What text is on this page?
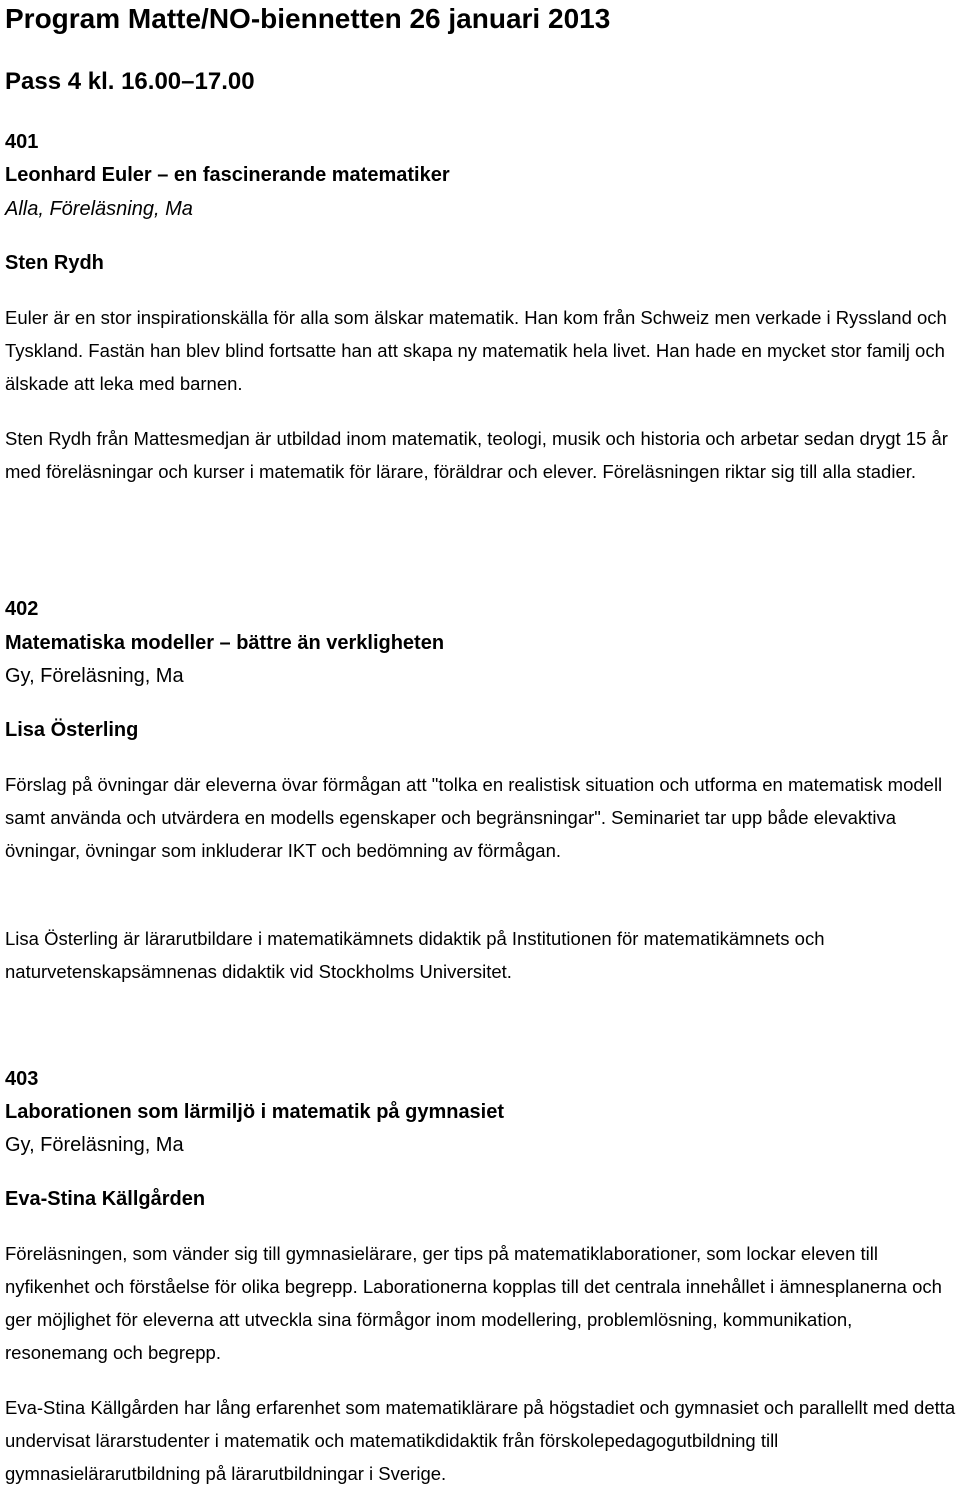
Program Matte/NO-biennetten 26 januari 2013
Pass 4 kl. 16.00–17.00

401

Leonhard Euler – en fascinerande matematiker

Alla, Föreläsning, Ma

Sten Rydh

Euler är en stor inspirationskälla för alla som älskar matematik. Han kom från Schweiz men verkade i Ryssland och Tyskland. Fastän han blev blind fortsatte han att skapa ny matematik hela livet. Han hade en mycket stor familj och älskade att leka med barnen.

Sten Rydh från Mattesmedjan är utbildad inom matematik, teologi, musik och historia och arbetar sedan drygt 15 år med föreläsningar och kurser i matematik för lärare, föräldrar och elever. Föreläsningen riktar sig till alla stadier.

402

Matematiska modeller – bättre än verkligheten

Gy, Föreläsning, Ma

Lisa Österling

Förslag på övningar där eleverna övar förmågan att "tolka en realistisk situation och utforma en matematisk modell samt använda och utvärdera en modells egenskaper och begränsningar". Seminariet tar upp både elevaktiva övningar, övningar som inkluderar IKT och bedömning av förmågan.

Lisa Österling är lärarutbildare i matematikämnets didaktik på Institutionen för matematikämnets och naturvetenskapsämnenas didaktik vid Stockholms Universitet.

403

Laborationen som lärmiljö i matematik på gymnasiet

Gy, Föreläsning, Ma

Eva-Stina Källgården

Föreläsningen, som vänder sig till gymnasielärare, ger tips på matematiklaborationer, som lockar eleven till nyfikenhet och förståelse för olika begrepp. Laborationerna kopplas till det centrala innehållet i ämnesplanerna och ger möjlighet för eleverna att utveckla sina förmågor inom modellering, problemlösning, kommunikation, resonemang och begrepp.

Eva-Stina Källgården har lång erfarenhet som matematiklärare på högstadiet och gymnasiet och parallellt med detta undervisat lärarstudenter i matematik och matematikdidaktik från förskolepedagogutbildning till gymnasielärarutbildning på lärarutbildningar i Sverige.
